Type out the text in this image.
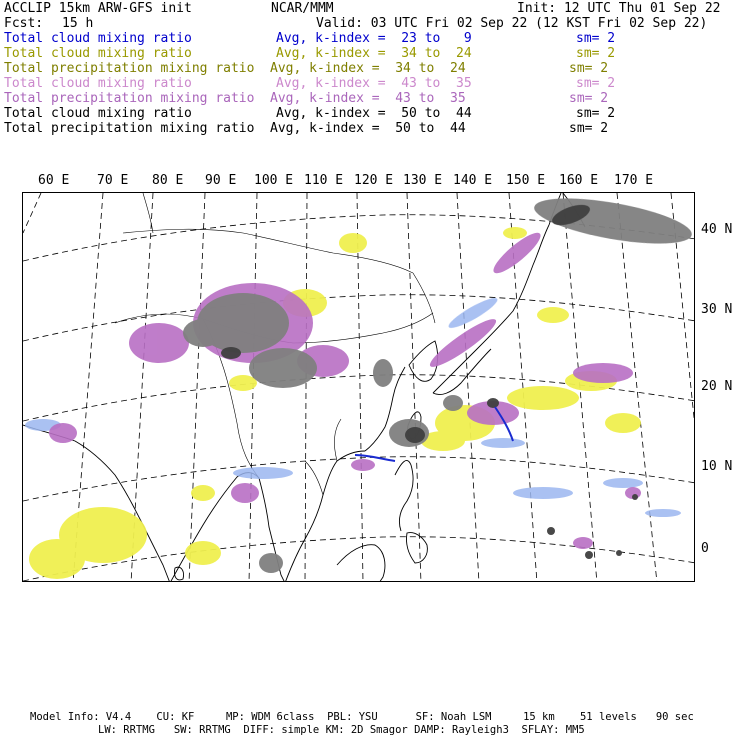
ACCLIP 15km ARW-GFS init	NCAR/MMM	Init: 12 UTC Thu 01 Sep 22
Fcst: 15 h	Valid: 03 UTC Fri 02 Sep 22 (12 KST Fri 02 Sep 22)
Total cloud mixing ratio	Avg, k-index =  23 to   9	sm= 2
Total cloud mixing ratio	Avg, k-index =  34 to  24	sm= 2
Total precipitation mixing ratio Avg, k-index =  34 to  24	sm= 2
Total cloud mixing ratio	Avg, k-index =  43 to  35	sm= 2
Total precipitation mixing ratio Avg, k-index =  43 to  35	sm= 2
Total cloud mixing ratio	Avg, k-index =  50 to  44	sm= 2
Total precipitation mixing ratio Avg, k-index =  50 to  44	sm= 2
60 E 70 E 80 E 90 E 100 E 110 E 120 E 130 E 140 E 150 E 160 E 170 E
40 N
30 N
20 N
10 N
0
Model Info: V4.4    CU: KF     MP: WDM 6class  PBL: YSU      SF: Noah LSM     15 km    51 levels   90 sec
LW: RRTMG   SW: RRTMG  DIFF: simple KM: 2D Smagor DAMP: Rayleigh3  SFLAY: MM5
